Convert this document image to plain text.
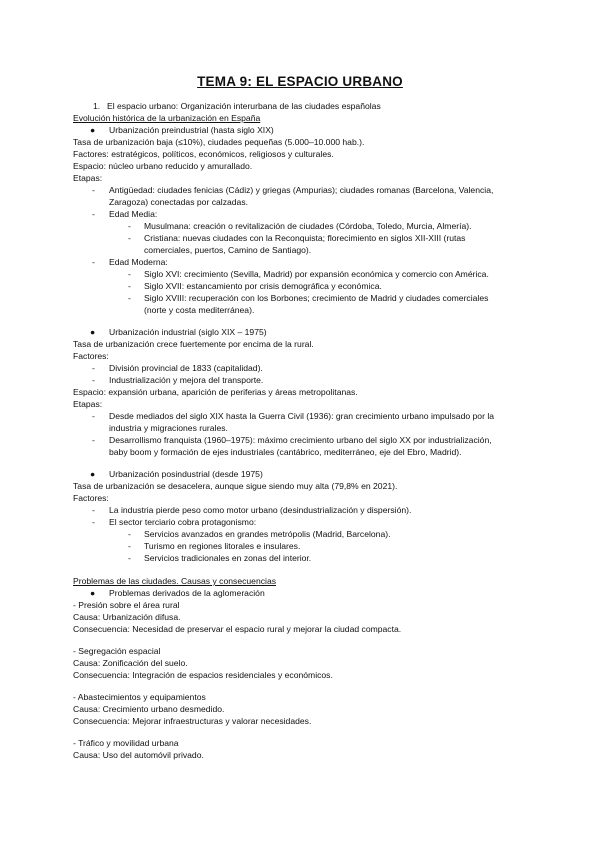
TEMA 9: EL ESPACIO URBANO
1. El espacio urbano: Organización interurbana de las ciudades españolas
Evolución histórica de la urbanización en España
● Urbanización preindustrial (hasta siglo XIX)
Tasa de urbanización baja (≤10%), ciudades pequeñas (5.000–10.000 hab.).
Factores: estratégicos, políticos, económicos, religiosos y culturales.
Espacio: núcleo urbano reducido y amurallado.
Etapas:
- Antigüedad: ciudades fenicias (Cádiz) y griegas (Ampurias); ciudades romanas (Barcelona, Valencia,
Zaragoza) conectadas por calzadas.
- Edad Media:
- Musulmana: creación o revitalización de ciudades (Córdoba, Toledo, Murcia, Almería).
- Cristiana: nuevas ciudades con la Reconquista; florecimiento en siglos XII-XIII (rutas
comerciales, puertos, Camino de Santiago).
- Edad Moderna:
- Siglo XVI: crecimiento (Sevilla, Madrid) por expansión económica y comercio con América.
- Siglo XVII: estancamiento por crisis demográfica y económica.
- Siglo XVIII: recuperación con los Borbones; crecimiento de Madrid y ciudades comerciales
(norte y costa mediterránea).
● Urbanización industrial (siglo XIX – 1975)
Tasa de urbanización crece fuertemente por encima de la rural.
Factores:
- División provincial de 1833 (capitalidad).
- Industrialización y mejora del transporte.
Espacio: expansión urbana, aparición de periferias y áreas metropolitanas.
Etapas:
- Desde mediados del siglo XIX hasta la Guerra Civil (1936): gran crecimiento urbano impulsado por la
industria y migraciones rurales.
- Desarrollismo franquista (1960–1975): máximo crecimiento urbano del siglo XX por industrialización,
baby boom y formación de ejes industriales (cantábrico, mediterráneo, eje del Ebro, Madrid).
● Urbanización posindustrial (desde 1975)
Tasa de urbanización se desacelera, aunque sigue siendo muy alta (79,8% en 2021).
Factores:
- La industria pierde peso como motor urbano (desindustrialización y dispersión).
- El sector terciario cobra protagonismo:
- Servicios avanzados en grandes metrópolis (Madrid, Barcelona).
- Turismo en regiones litorales e insulares.
- Servicios tradicionales en zonas del interior.
Problemas de las ciudades. Causas y consecuencias
● Problemas derivados de la aglomeración
- Presión sobre el área rural
Causa: Urbanización difusa.
Consecuencia: Necesidad de preservar el espacio rural y mejorar la ciudad compacta.
- Segregación espacial
Causa: Zonificación del suelo.
Consecuencia: Integración de espacios residenciales y económicos.
- Abastecimientos y equipamientos
Causa: Crecimiento urbano desmedido.
Consecuencia: Mejorar infraestructuras y valorar necesidades.
- Tráfico y movilidad urbana
Causa: Uso del automóvil privado.
